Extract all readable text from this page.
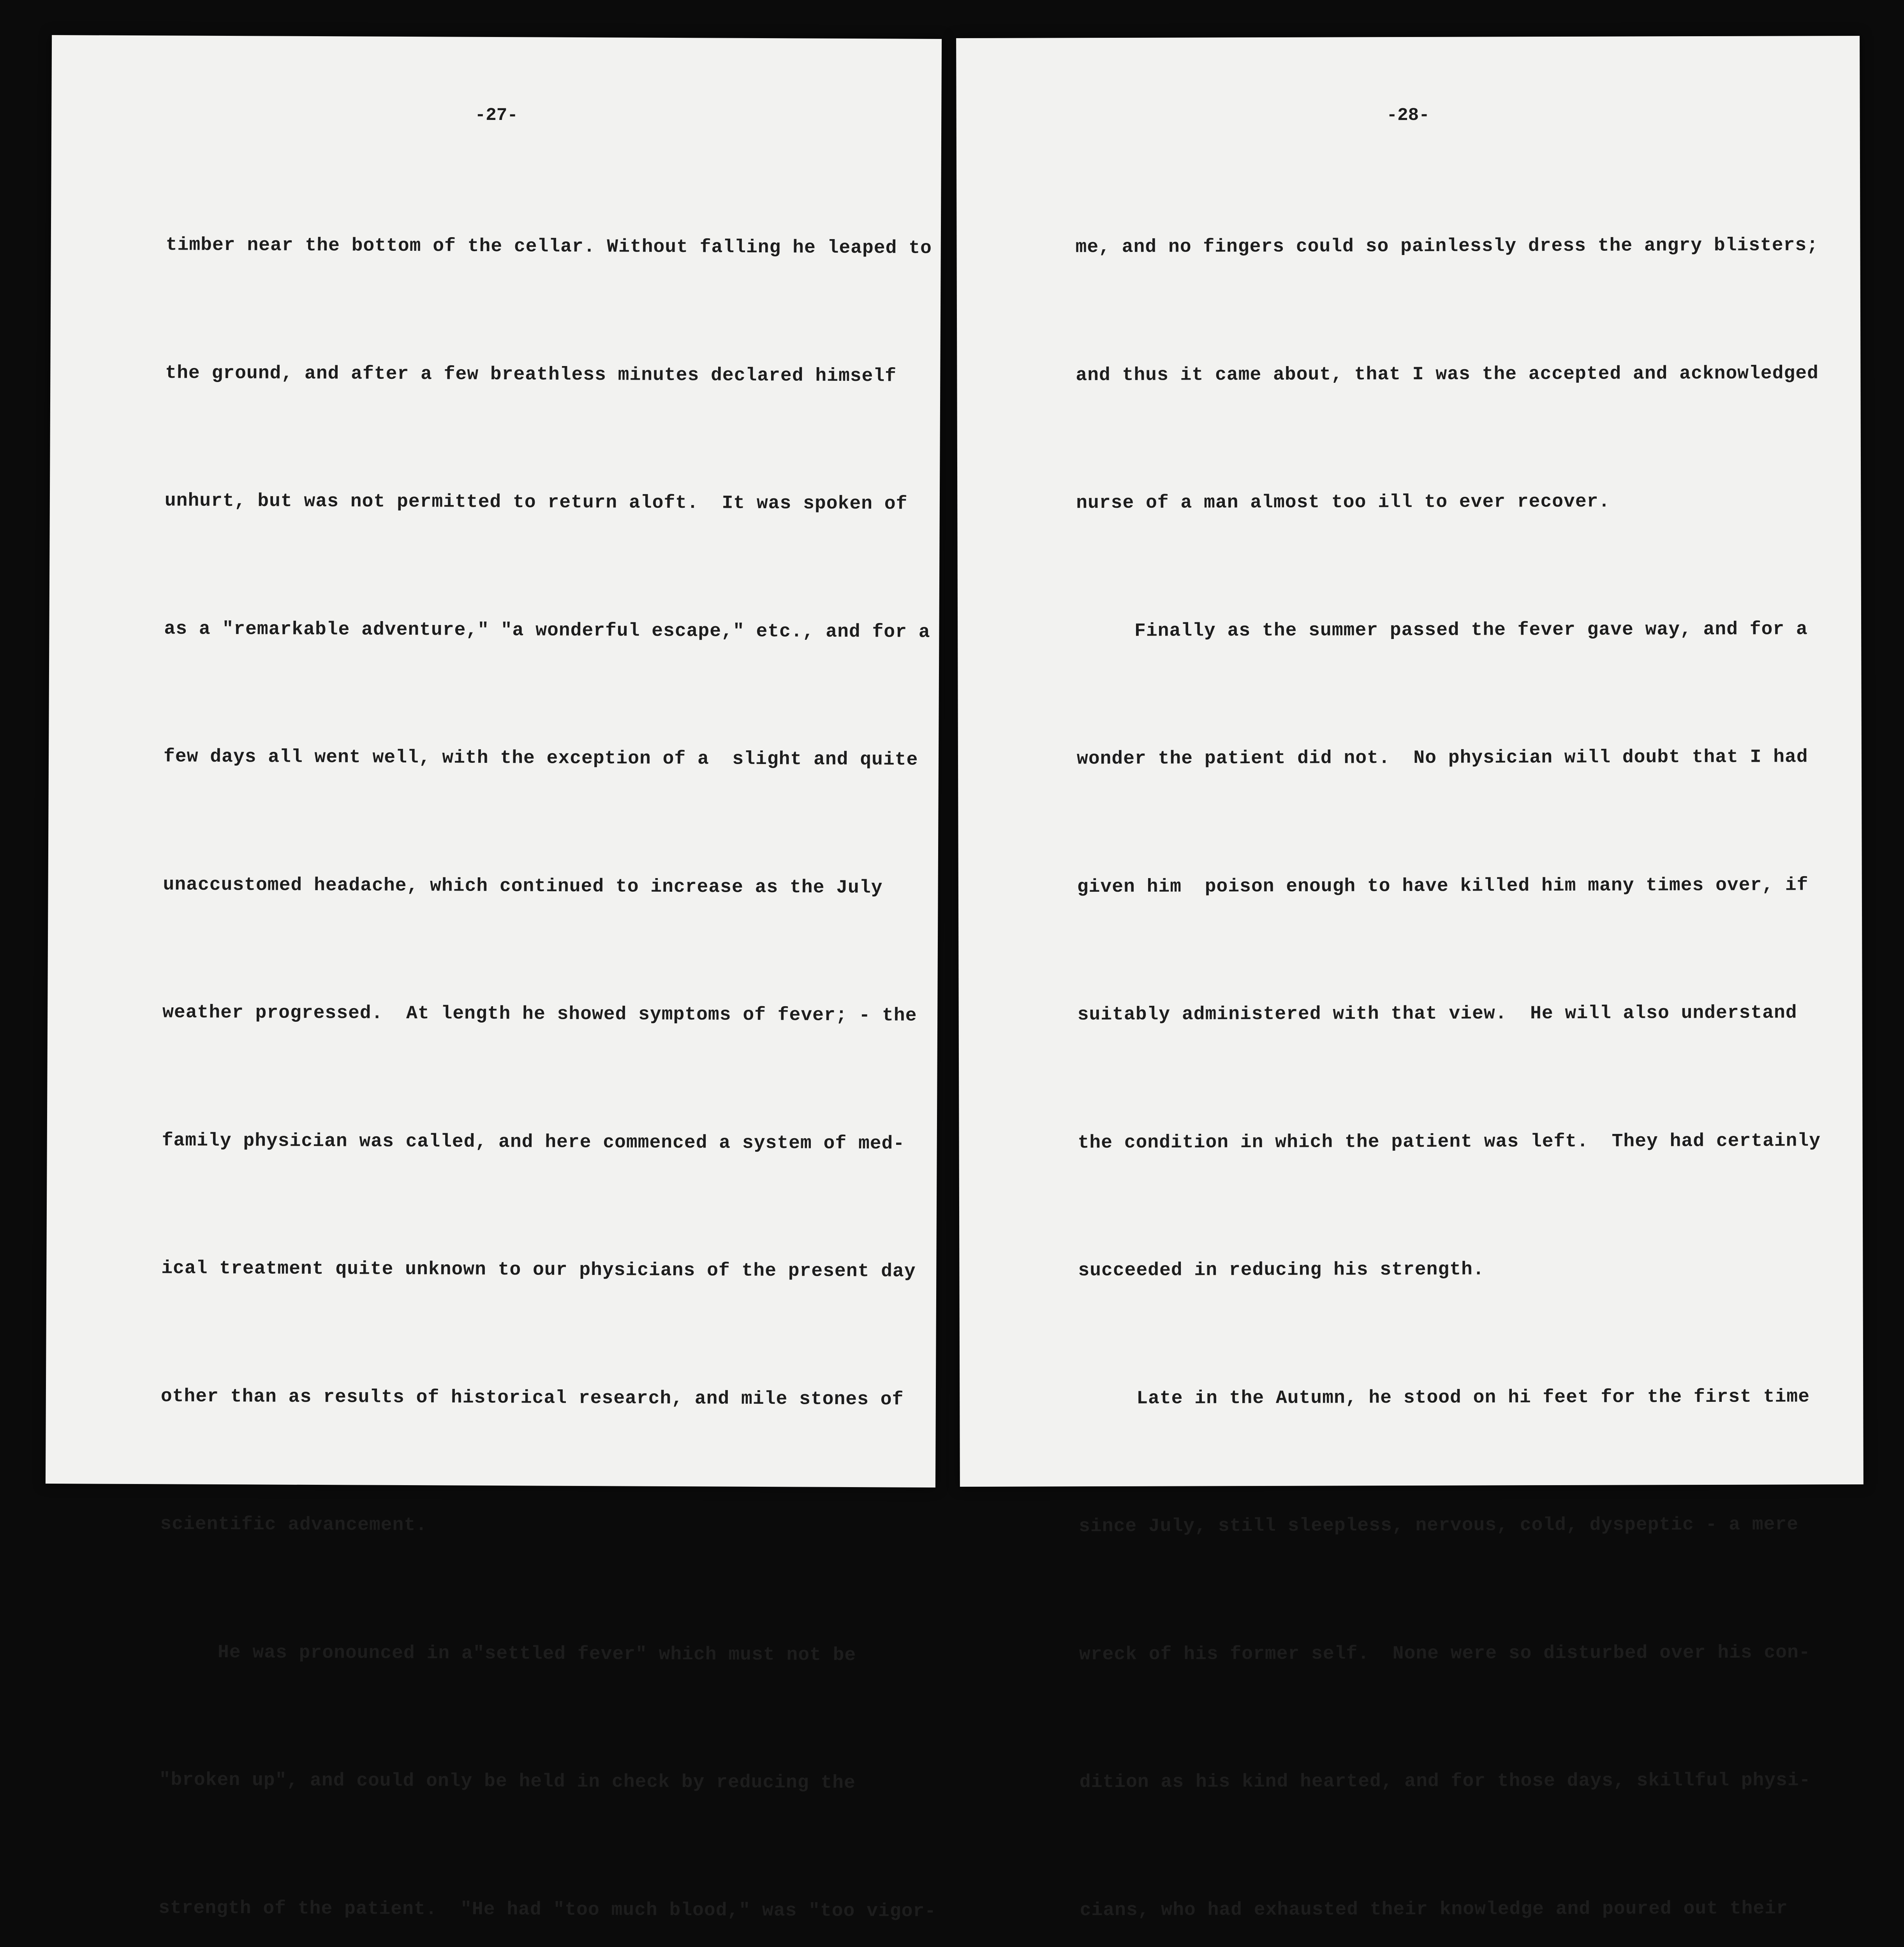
-27-

timber near the bottom of the cellar. Without falling he leaped to

the ground, and after a few breathless minutes declared himself

unhurt, but was not permitted to return aloft.  It was spoken of

as a "remarkable adventure," "a wonderful escape," etc., and for a

few days all went well, with the exception of a  slight and quite

unaccustomed headache, which continued to increase as the July

weather progressed.  At length he showed symptoms of fever; - the

family physician was called, and here commenced a system of med-

ical treatment quite unknown to our physicians of the present day

other than as results of historical research, and mile stones of

scientific advancement.

He was pronounced in a"settled fever" which must not be

"broken up", and could only be held in check by reducing the

strength of the patient.  "He had "too much blood," was "too vigor-

-28-

me, and no fingers could so painlessly dress the angry blisters;

and thus it came about, that I was the accepted and acknowledged

nurse of a man almost too ill to ever recover.

Finally as the summer passed the fever gave way, and for a

wonder the patient did not.  No physician will doubt that I had

given him  poison enough to have killed him many times over, if

suitably administered with that view.  He will also understand

the condition in which the patient was left.  They had certainly

succeeded in reducing his strength.

Late in the Autumn, he stood on hi feet for the first time

since July, still sleepless, nervous, cold, dyspeptic - a mere

wreck of his former self.  None were so disturbed over his con-

dition as his kind hearted, and for those days, skillful physi-

cians, who had exhausted their knowledge and poured out their
